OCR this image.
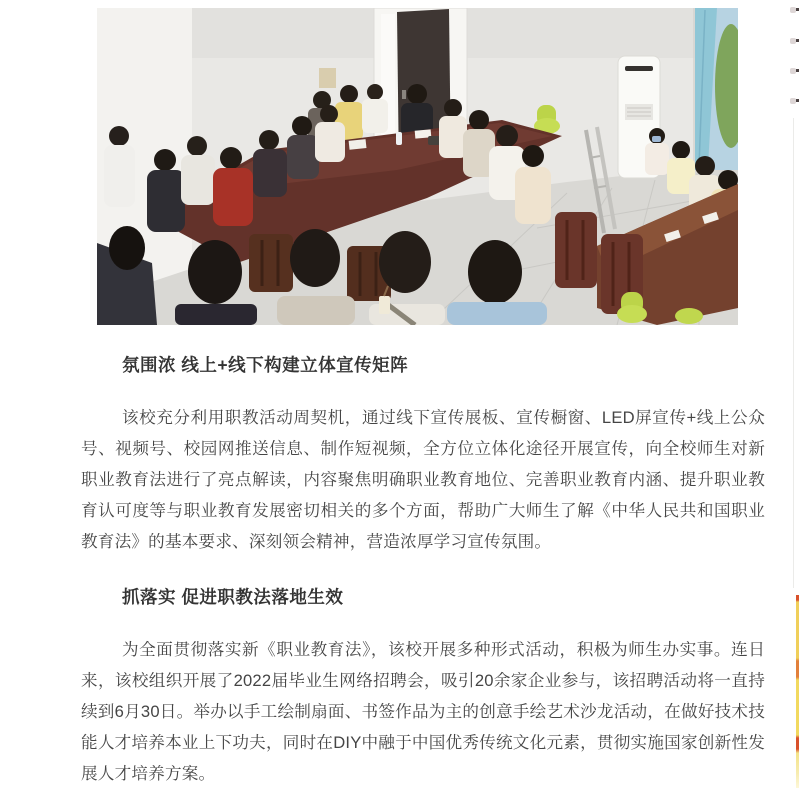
氛围浓 线上+线下构建立体宣传矩阵

该校充分利用职教活动周契机，通过线下宣传展板、宣传橱窗、LED屏宣传+线上公众号、视频号、校园网推送信息、制作短视频，全方位立体化途径开展宣传，向全校师生对新职业教育法进行了亮点解读，内容聚焦明确职业教育地位、完善职业教育内涵、提升职业教育认可度等与职业教育发展密切相关的多个方面，帮助广大师生了解《中华人民共和国职业教育法》的基本要求、深刻领会精神，营造浓厚学习宣传氛围。

抓落实 促进职教法落地生效

为全面贯彻落实新《职业教育法》，该校开展多种形式活动，积极为师生办实事。连日来，该校组织开展了2022届毕业生网络招聘会，吸引20余家企业参与，该招聘活动将一直持续到6月30日。举办以手工绘制扇面、书签作品为主的创意手绘艺术沙龙活动，在做好技术技能人才培养本业上下功夫，同时在DIY中融于中国优秀传统文化元素，贯彻实施国家创新性发展人才培养方案。
